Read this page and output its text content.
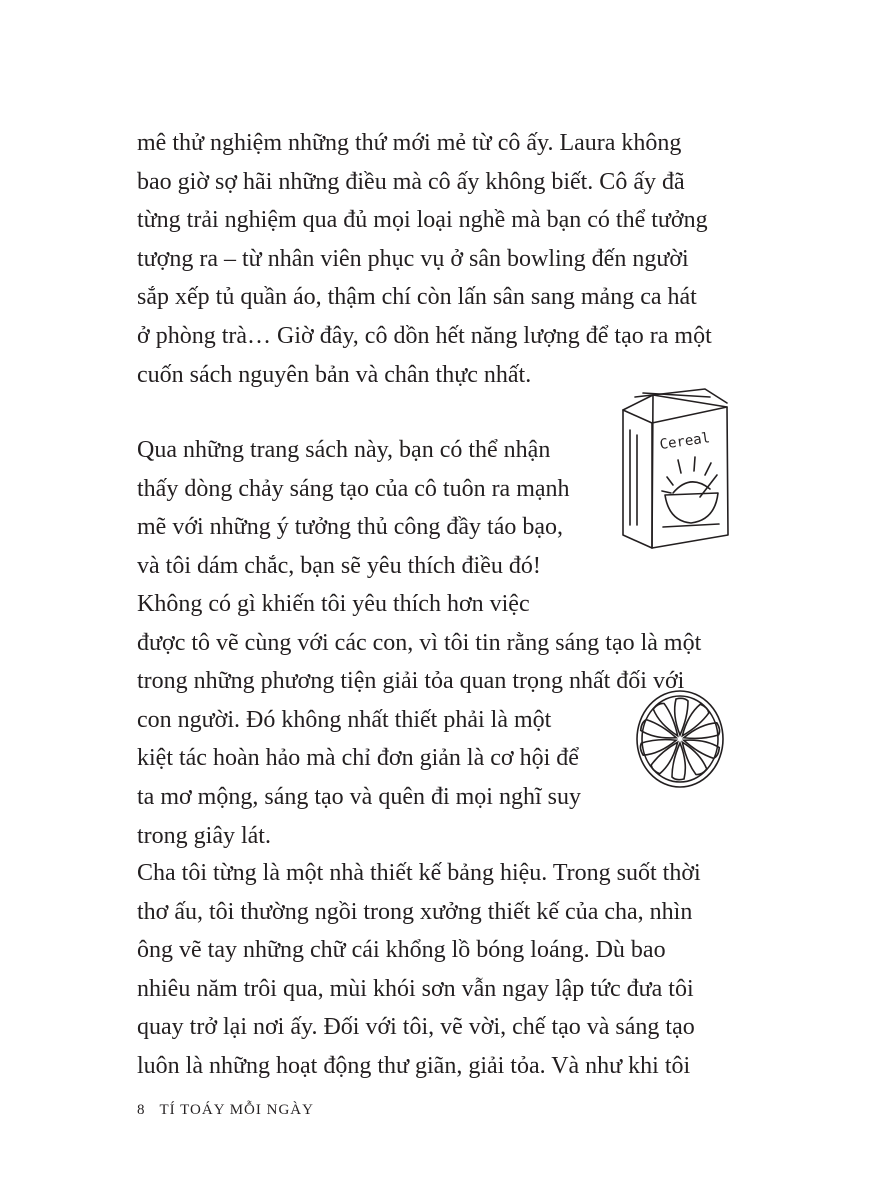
mê thử nghiệm những thứ mới mẻ từ cô ấy. Laura không
bao giờ sợ hãi những điều mà cô ấy không biết. Cô ấy đã
từng trải nghiệm qua đủ mọi loại nghề mà bạn có thể tưởng
tượng ra – từ nhân viên phục vụ ở sân bowling đến người
sắp xếp tủ quần áo, thậm chí còn lấn sân sang mảng ca hát
ở phòng trà… Giờ đây, cô dồn hết năng lượng để tạo ra một
cuốn sách nguyên bản và chân thực nhất.
Qua những trang sách này, bạn có thể nhận
thấy dòng chảy sáng tạo của cô tuôn ra mạnh
mẽ với những ý tưởng thủ công đầy táo bạo,
và tôi dám chắc, bạn sẽ yêu thích điều đó!
Không có gì khiến tôi yêu thích hơn việc
được tô vẽ cùng với các con, vì tôi tin rằng sáng tạo là một
trong những phương tiện giải tỏa quan trọng nhất đối với
con người. Đó không nhất thiết phải là một
kiệt tác hoàn hảo mà chỉ đơn giản là cơ hội để
ta mơ mộng, sáng tạo và quên đi mọi nghĩ suy
trong giây lát.
Cha tôi từng là một nhà thiết kế bảng hiệu. Trong suốt thời
thơ ấu, tôi thường ngồi trong xưởng thiết kế của cha, nhìn
ông vẽ tay những chữ cái khổng lồ bóng loáng. Dù bao
nhiêu năm trôi qua, mùi khói sơn vẫn ngay lập tức đưa tôi
quay trở lại nơi ấy. Đối với tôi, vẽ vời, chế tạo và sáng tạo
luôn là những hoạt động thư giãn, giải tỏa. Và như khi tôi
Cereal
8 TÍ TOÁY MỖI NGÀY
